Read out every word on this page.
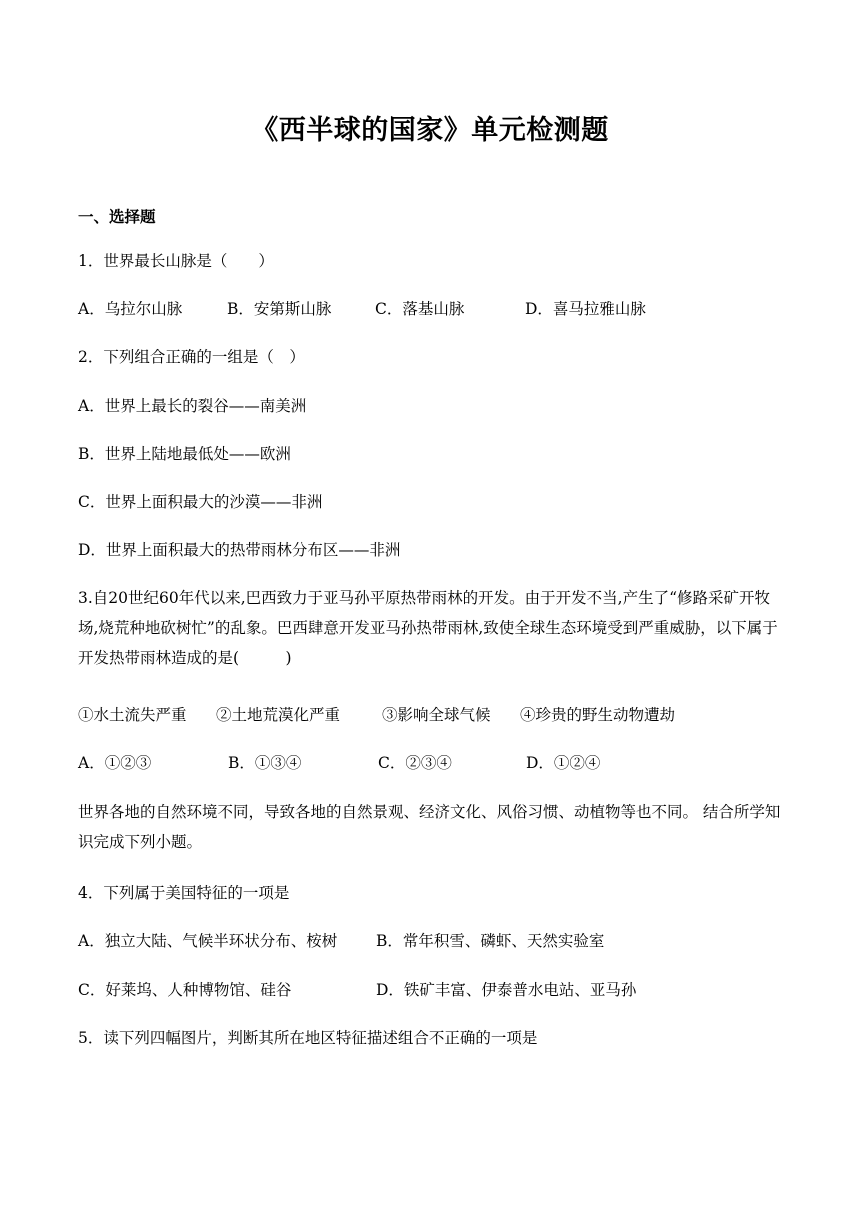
《西半球的国家》单元检测题
一、选择题
1．世界最长山脉是（　　）
A．乌拉尔山脉	B．安第斯山脉	C．落基山脉	D．喜马拉雅山脉
2．下列组合正确的一组是（　）
A．世界上最长的裂谷——南美洲
B．世界上陆地最低处——欧洲
C．世界上面积最大的沙漠——非洲
D．世界上面积最大的热带雨林分布区——非洲
3.自20世纪60年代以来,巴西致力于亚马孙平原热带雨林的开发。由于开发不当,产生了“修路采矿开牧场,烧荒种地砍树忙”的乱象。巴西肆意开发亚马孙热带雨林,致使全球生态环境受到严重威胁，以下属于开发热带雨林造成的是(　　　)
①水土流失严重 ②土地荒漠化严重	③影响全球气候 ④珍贵的野生动物遭劫
A．①②③	B．①③④	C．②③④	D．①②④
世界各地的自然环境不同，导致各地的自然景观、经济文化、风俗习惯、动植物等也不同。 结合所学知识完成下列小题。
4．下列属于美国特征的一项是
A．独立大陆、气候半环状分布、桉树	B．常年积雪、磷虾、天然实验室
C．好莱坞、人种博物馆、硅谷	D．铁矿丰富、伊泰普水电站、亚马孙
5．读下列四幅图片，判断其所在地区特征描述组合不正确的一项是
